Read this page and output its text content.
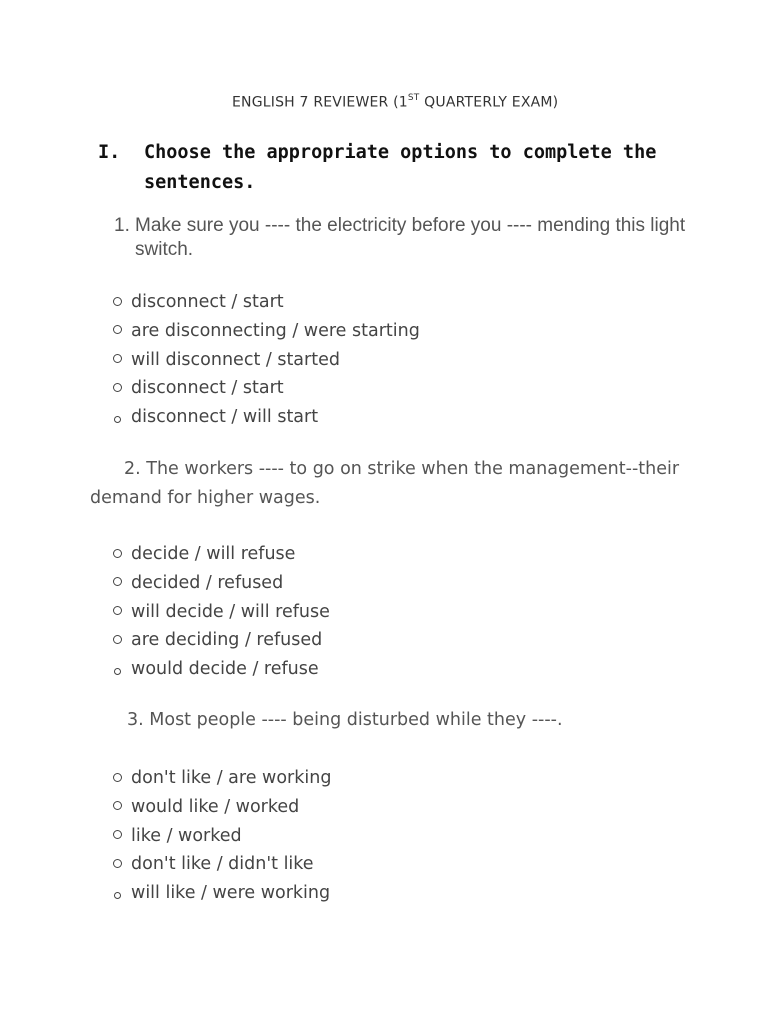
ENGLISH 7 REVIEWER (1ST QUARTERLY EXAM)
I. Choose the appropriate options to complete the sentences.
1. Make sure you ---- the electricity before you ---- mending this light switch.
disconnect / start
are disconnecting / were starting
will disconnect / started
disconnect / start
disconnect / will start
2. The workers ---- to go on strike when the management--their demand for higher wages.
decide / will refuse
decided / refused
will decide / will refuse
are deciding / refused
would decide / refuse
3. Most people ---- being disturbed while they ----.
don't like / are working
would like / worked
like / worked
don't like / didn't like
will like / were working
